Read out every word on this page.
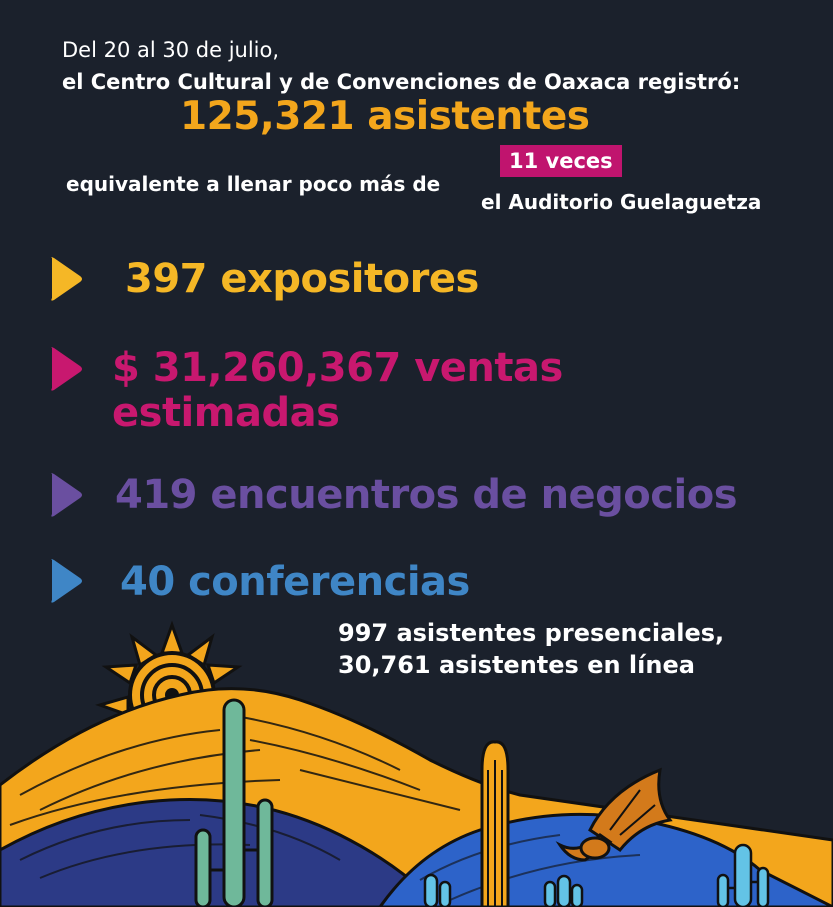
Del 20 al 30 de julio,
el Centro Cultural y de Convenciones de Oaxaca registró:
125,321 asistentes
11 veces
equivalente a llenar poco más de
el Auditorio Guelaguetza
397 expositores
$ 31,260,367 ventas estimadas
419 encuentros de negocios
40 conferencias
997 asistentes presenciales,
30,761 asistentes en línea
